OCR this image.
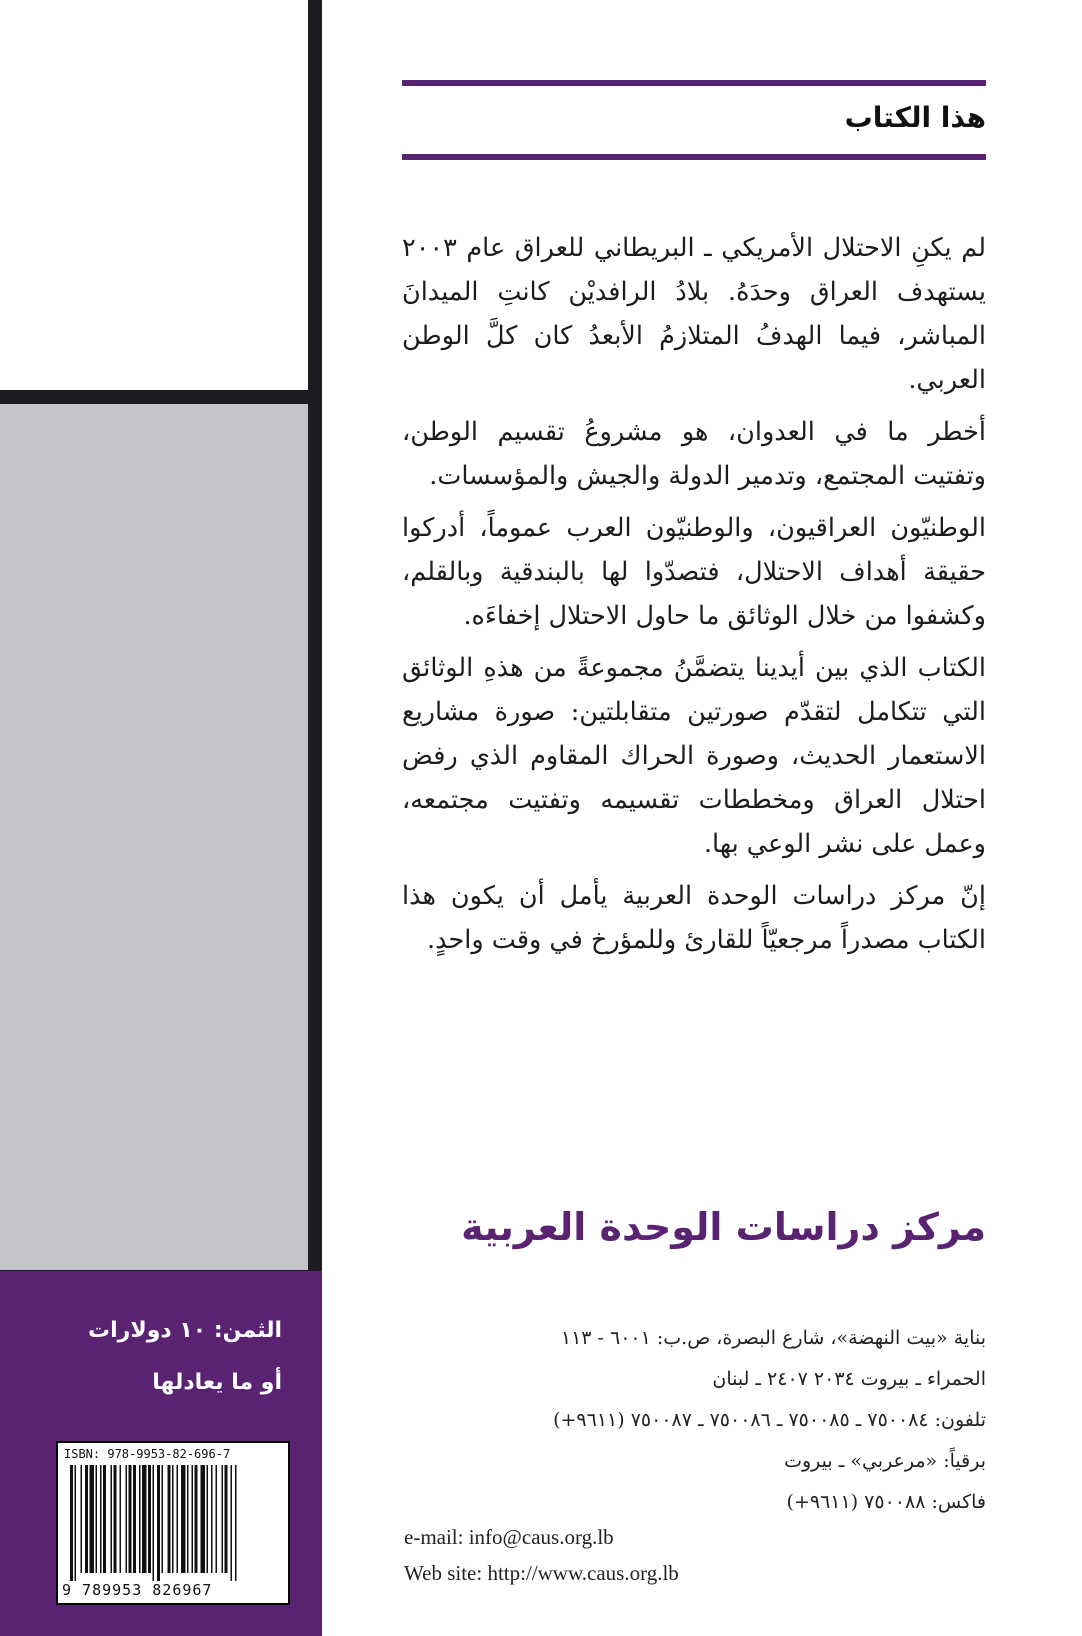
الثمن: ١٠ دولارات
أو ما يعادلها
ISBN: 978-9953-82-696-7
9 789953 826967
هذا الكتاب

لم يكنِ الاحتلال الأمريكي ـ البريطاني للعراق عام ٢٠٠٣ يستهدف العراق وحدَهُ. بلادُ الرافديْن كانتِ الميدانَ المباشر، فيما الهدفُ المتلازمُ الأبعدُ كان كلَّ الوطن العربي.

أخطر ما في العدوان، هو مشروعُ تقسيم الوطن، وتفتيت المجتمع، وتدمير الدولة والجيش والمؤسسات.

الوطنيّون العراقيون، والوطنيّون العرب عموماً، أدركوا حقيقة أهداف الاحتلال، فتصدّوا لها بالبندقية وبالقلم، وكشفوا من خلال الوثائق ما حاول الاحتلال إخفاءَه.

الكتاب الذي بين أيدينا يتضمَّنُ مجموعةً من هذهِ الوثائق التي تتكامل لتقدّم صورتين متقابلتين: صورة مشاريع الاستعمار الحديث، وصورة الحراك المقاوم الذي رفض احتلال العراق ومخططات تقسيمه وتفتيت مجتمعه، وعمل على نشر الوعي بها.

إنّ مركز دراسات الوحدة العربية يأمل أن يكون هذا الكتاب مصدراً مرجعيّاً للقارئ وللمؤرخ في وقت واحدٍ.

مركز دراسات الوحدة العربية
بناية «بيت النهضة»، شارع البصرة، ص.ب: ٦٠٠١ - ١١٣
الحمراء ـ بيروت ٢٠٣٤ ٢٤٠٧ ـ لبنان
تلفون: ٧٥٠٠٨٤ ـ ٧٥٠٠٨٥ ـ ٧٥٠٠٨٦ ـ ٧٥٠٠٨٧ (٩٦١١+)
برقياً: «مرعربي» ـ بيروت
فاكس: ٧٥٠٠٨٨ (٩٦١١+)
e-mail: info@caus.org.lb
Web site: http://www.caus.org.lb
